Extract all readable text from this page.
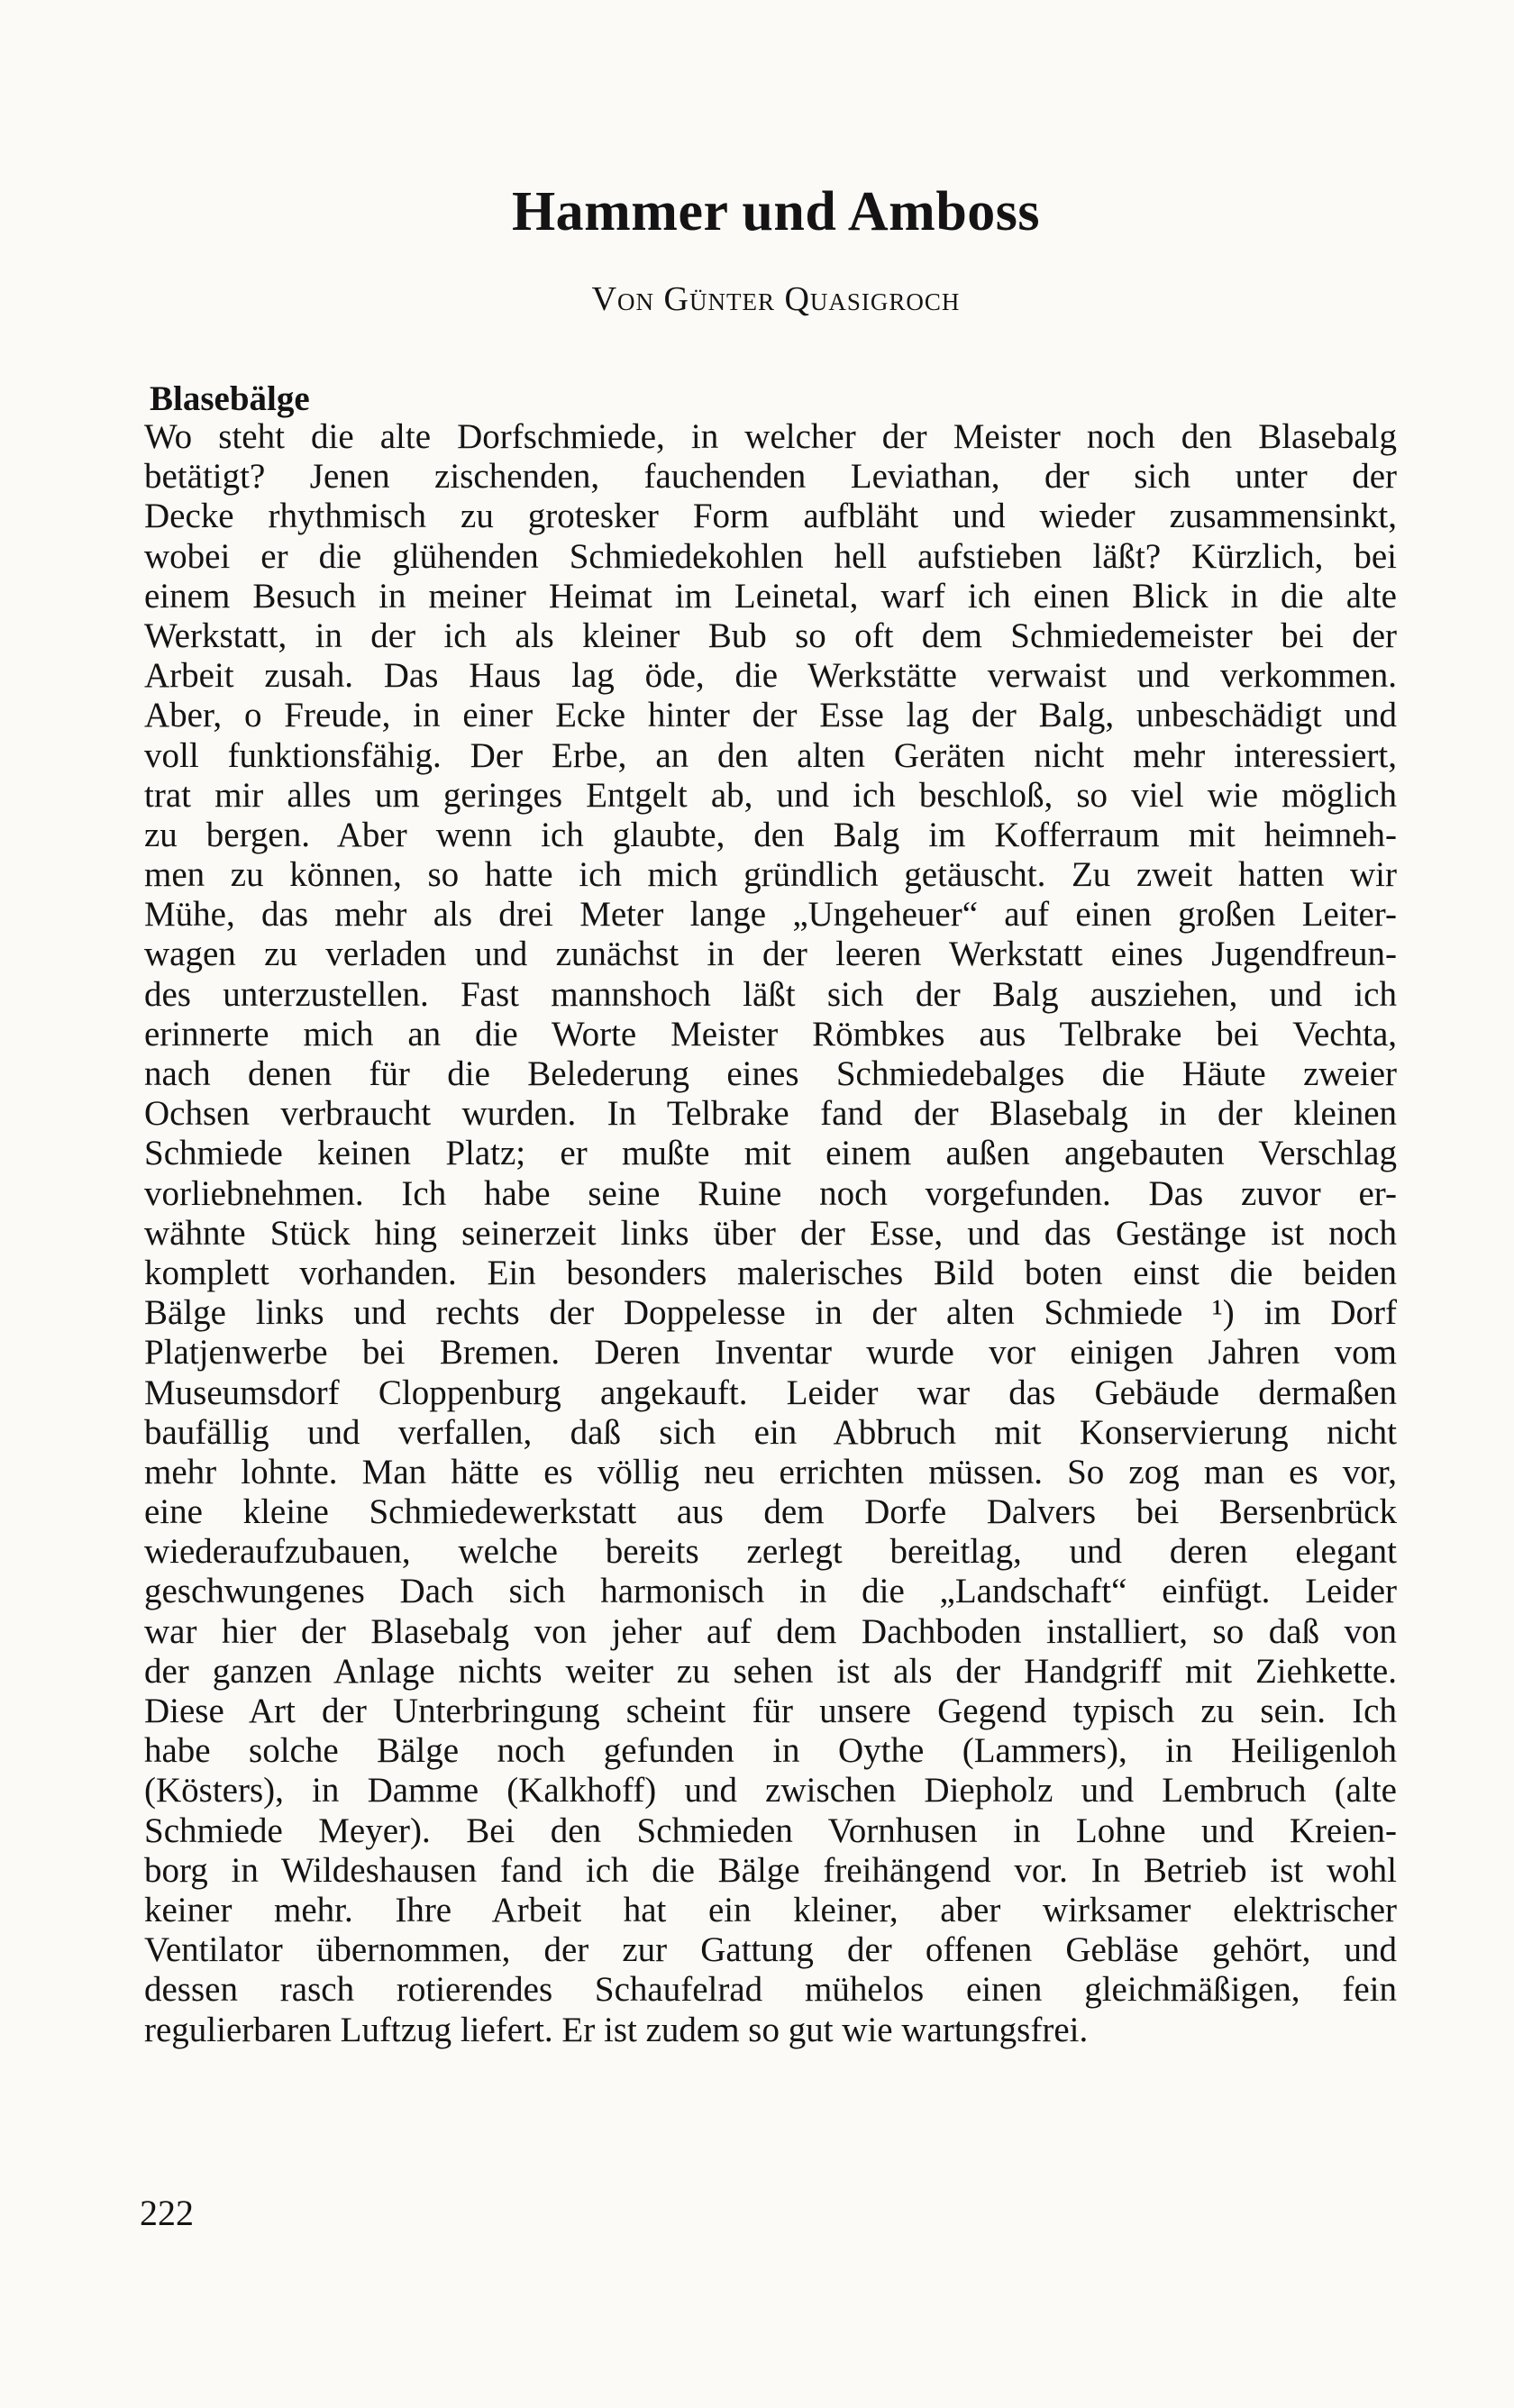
Hammer und Amboss

Von Günter Quasigroch

Blasebälge
Wo steht die alte Dorfschmiede, in welcher der Meister noch den Blasebalg
betätigt? Jenen zischenden, fauchenden Leviathan, der sich unter der
Decke rhythmisch zu grotesker Form aufbläht und wieder zusammensinkt,
wobei er die glühenden Schmiedekohlen hell aufstieben läßt? Kürzlich, bei
einem Besuch in meiner Heimat im Leinetal, warf ich einen Blick in die alte
Werkstatt, in der ich als kleiner Bub so oft dem Schmiedemeister bei der
Arbeit zusah. Das Haus lag öde, die Werkstätte verwaist und verkommen.
Aber, o Freude, in einer Ecke hinter der Esse lag der Balg, unbeschädigt und
voll funktionsfähig. Der Erbe, an den alten Geräten nicht mehr interessiert,
trat mir alles um geringes Entgelt ab, und ich beschloß, so viel wie möglich
zu bergen. Aber wenn ich glaubte, den Balg im Kofferraum mit heimneh-
men zu können, so hatte ich mich gründlich getäuscht. Zu zweit hatten wir
Mühe, das mehr als drei Meter lange „Ungeheuer“ auf einen großen Leiter-
wagen zu verladen und zunächst in der leeren Werkstatt eines Jugendfreun-
des unterzustellen. Fast mannshoch läßt sich der Balg ausziehen, und ich
erinnerte mich an die Worte Meister Römbkes aus Telbrake bei Vechta,
nach denen für die Belederung eines Schmiedebalges die Häute zweier
Ochsen verbraucht wurden. In Telbrake fand der Blasebalg in der kleinen
Schmiede keinen Platz; er mußte mit einem außen angebauten Verschlag
vorliebnehmen. Ich habe seine Ruine noch vorgefunden. Das zuvor er-
wähnte Stück hing seinerzeit links über der Esse, und das Gestänge ist noch
komplett vorhanden. Ein besonders malerisches Bild boten einst die beiden
Bälge links und rechts der Doppelesse in der alten Schmiede ¹) im Dorf
Platjenwerbe bei Bremen. Deren Inventar wurde vor einigen Jahren vom
Museumsdorf Cloppenburg angekauft. Leider war das Gebäude dermaßen
baufällig und verfallen, daß sich ein Abbruch mit Konservierung nicht
mehr lohnte. Man hätte es völlig neu errichten müssen. So zog man es vor,
eine kleine Schmiedewerkstatt aus dem Dorfe Dalvers bei Bersenbrück
wiederaufzubauen, welche bereits zerlegt bereitlag, und deren elegant
geschwungenes Dach sich harmonisch in die „Landschaft“ einfügt. Leider
war hier der Blasebalg von jeher auf dem Dachboden installiert, so daß von
der ganzen Anlage nichts weiter zu sehen ist als der Handgriff mit Ziehkette.
Diese Art der Unterbringung scheint für unsere Gegend typisch zu sein. Ich
habe solche Bälge noch gefunden in Oythe (Lammers), in Heiligenloh
(Kösters), in Damme (Kalkhoff) und zwischen Diepholz und Lembruch (alte
Schmiede Meyer). Bei den Schmieden Vornhusen in Lohne und Kreien-
borg in Wildeshausen fand ich die Bälge freihängend vor. In Betrieb ist wohl
keiner mehr. Ihre Arbeit hat ein kleiner, aber wirksamer elektrischer
Ventilator übernommen, der zur Gattung der offenen Gebläse gehört, und
dessen rasch rotierendes Schaufelrad mühelos einen gleichmäßigen, fein
regulierbaren Luftzug liefert. Er ist zudem so gut wie wartungsfrei.

222
